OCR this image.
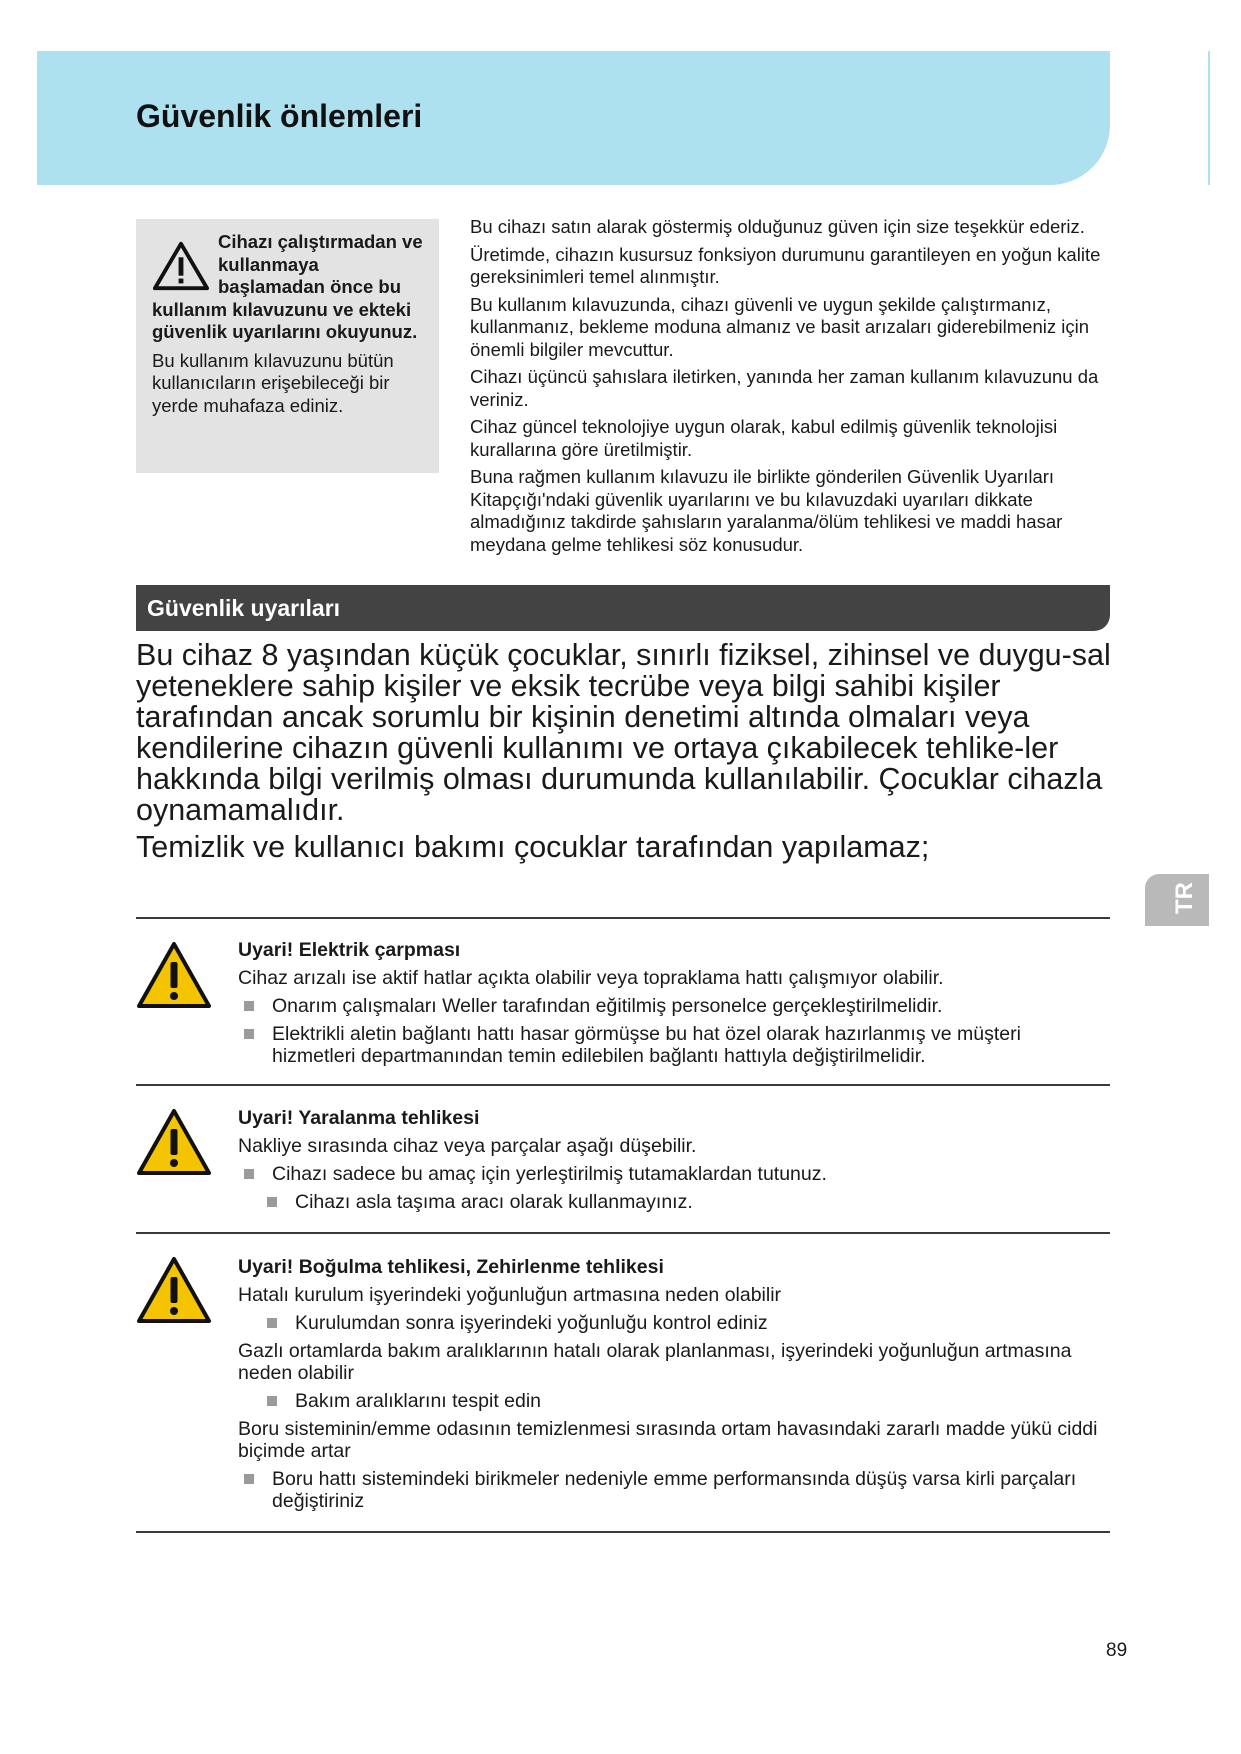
Güvenlik önlemleri
Cihazı çalıştırmadan ve kullanmaya başlamadan önce bu kullanım kılavuzunu ve ekteki güvenlik uyarılarını okuyunuz.
Bu kullanım kılavuzunu bütün kullanıcıların erişebileceği bir yerde muhafaza ediniz.

Bu cihazı satın alarak göstermiş olduğunuz güven için size teşekkür ederiz.

Üretimde, cihazın kusursuz fonksiyon durumunu garantileyen en yoğun kalite gereksinimleri temel alınmıştır.

Bu kullanım kılavuzunda, cihazı güvenli ve uygun şekilde çalıştırmanız, kullanmanız, bekleme moduna almanız ve basit arızaları giderebilmeniz için önemli bilgiler mevcuttur.

Cihazı üçüncü şahıslara iletirken, yanında her zaman kullanım kılavuzunu da veriniz.

Cihaz güncel teknolojiye uygun olarak, kabul edilmiş güvenlik teknolojisi kurallarına göre üretilmiştir.

Buna rağmen kullanım kılavuzu ile birlikte gönderilen Güvenlik Uyarıları Kitapçığı'ndaki güvenlik uyarılarını ve bu kılavuzdaki uyarıları dikkate almadığınız takdirde şahısların yaralanma/ölüm tehlikesi ve maddi hasar meydana gelme tehlikesi söz konusudur.

Güvenlik uyarıları

Bu cihaz 8 yaşından küçük çocuklar, sınırlı fiziksel, zihinsel ve duygu-sal yeteneklere sahip kişiler ve eksik tecrübe veya bilgi sahibi kişiler tarafından ancak sorumlu bir kişinin denetimi altında olmaları veya kendilerine cihazın güvenli kullanımı ve ortaya çıkabilecek tehlike-ler hakkında bilgi verilmiş olması durumunda kullanılabilir. Çocuklar cihazla oynamamalıdır.

Temizlik ve kullanıcı bakımı çocuklar tarafından yapılamaz;

TR

Uyari! Elektrik çarpması

Cihaz arızalı ise aktif hatlar açıkta olabilir veya topraklama hattı çalışmıyor olabilir.

Onarım çalışmaları Weller tarafından eğitilmiş personelce gerçekleştirilmelidir.
Elektrikli aletin bağlantı hattı hasar görmüşse bu hat özel olarak hazırlanmış ve müşteri hizmetleri departmanından temin edilebilen bağlantı hattıyla değiştirilmelidir.

Uyari! Yaralanma tehlikesi

Nakliye sırasında cihaz veya parçalar aşağı düşebilir.

Cihazı sadece bu amaç için yerleştirilmiş tutamaklardan tutunuz.
Cihazı asla taşıma aracı olarak kullanmayınız.

Uyari! Boğulma tehlikesi, Zehirlenme tehlikesi

Hatalı kurulum işyerindeki yoğunluğun artmasına neden olabilir

Kurulumdan sonra işyerindeki yoğunluğu kontrol ediniz

Gazlı ortamlarda bakım aralıklarının hatalı olarak planlanması, işyerindeki yoğunluğun artmasına neden olabilir

Bakım aralıklarını tespit edin

Boru sisteminin/emme odasının temizlenmesi sırasında ortam havasındaki zararlı madde yükü ciddi biçimde artar

Boru hattı sistemindeki birikmeler nedeniyle emme performansında düşüş varsa kirli parçaları değiştiriniz
89
